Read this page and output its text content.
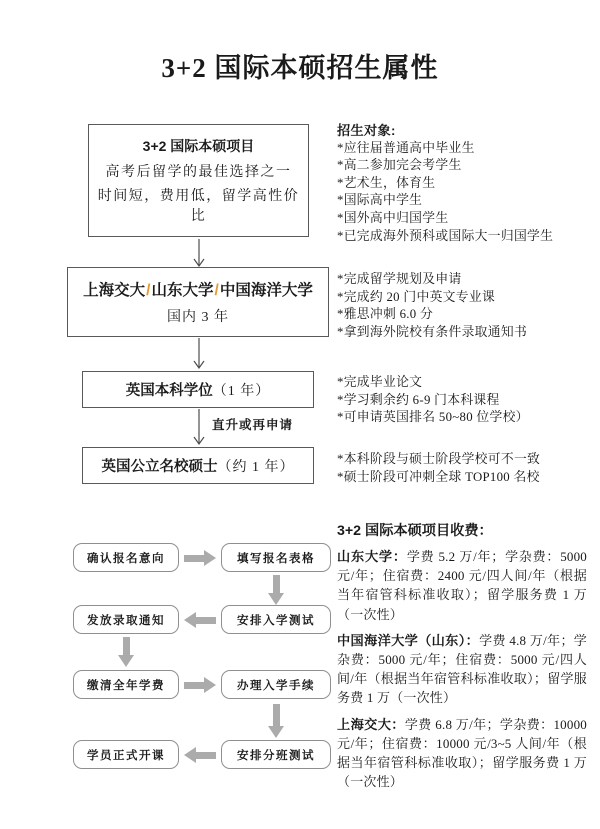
3+2 国际本硕招生属性
3+2 国际本硕项目
高考后留学的最佳选择之一
时间短，费用低，留学高性价比
招生对象:
*应往届普通高中毕业生
*高二参加完会考学生
*艺术生，体育生
*国际高中学生
*国外高中归国学生
*已完成海外预科或国际大一归国学生
上海交大/山东大学/中国海洋大学
国内 3 年
*完成留学规划及申请
*完成约 20 门中英文专业课
*雅思冲刺 6.0 分
*拿到海外院校有条件录取通知书
英国本科学位（1 年）
*完成毕业论文
*学习剩余约 6-9 门本科课程
*可申请英国排名 50~80 位学校）
直升或再申请
英国公立名校硕士（约 1 年）
*本科阶段与硕士阶段学校可不一致
*硕士阶段可冲刺全球 TOP100 名校
确认报名意向	填写报名表格
发放录取通知	安排入学测试
缴清全年学费	办理入学手续
学员正式开课	安排分班测试
3+2 国际本硕项目收费：

山东大学：学费 5.2 万/年；学杂费：5000 元/年；住宿费：2400 元/四人间/年（根据当年宿管科标准收取）；留学服务费 1 万（一次性）

中国海洋大学（山东）：学费 4.8 万/年；学杂费：5000 元/年；住宿费：5000 元/四人间/年（根据当年宿管科标准收取）；留学服务费 1 万（一次性）

上海交大：学费 6.8 万/年；学杂费：10000 元/年；住宿费：10000 元/3~5 人间/年（根据当年宿管科标准收取）；留学服务费 1 万（一次性）
